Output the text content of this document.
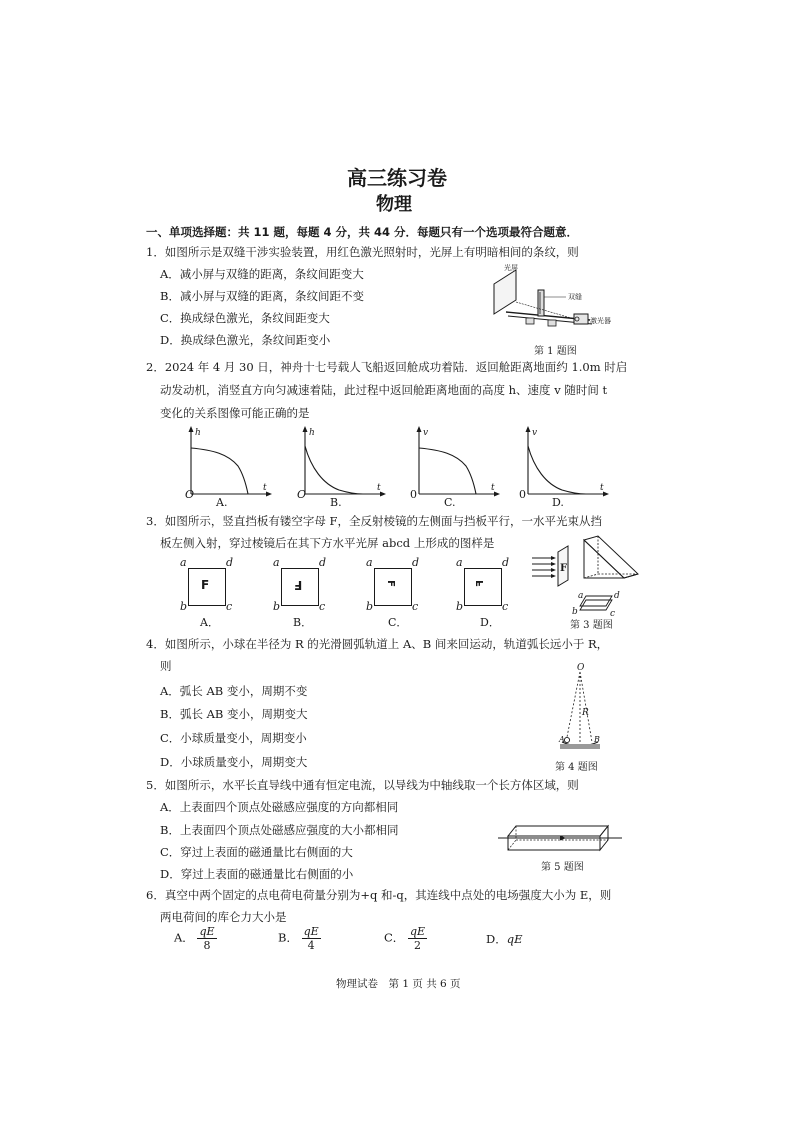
高三练习卷
物理
一、单项选择题：共 11 题，每题 4 分，共 44 分．每题只有一个选项最符合题意．
1．如图所示是双缝干涉实验装置，用红色激光照射时，光屏上有明暗相间的条纹，则
A．减小屏与双缝的距离，条纹间距变大
B．减小屏与双缝的距离，条纹间距不变
C．换成绿色激光，条纹间距变大
D．换成绿色激光，条纹间距变小
光屏
双缝
激光器
第 1 题图
2．2024 年 4 月 30 日，神舟十七号载人飞船返回舱成功着陆．返回舱距离地面约 1.0m 时启
动发动机，消竖直方向匀减速着陆，此过程中返回舱距离地面的高度 h、速度 v 随时间 t
变化的关系图像可能正确的是
h
t
O
A.
h
t
O
B.
v
t
0
C.
v
t
0
D.
3．如图所示，竖直挡板有镂空字母 F，全反射棱镜的左侧面与挡板平行，一水平光束从挡
板左侧入射，穿过棱镜后在其下方水平光屏 abcd 上形成的图样是
a	d
F
b	c
A．
a	d
F
b	c
B．
a	d
F
b	c
C．
a	d
F
b	c
D．
F
a	d
b	c
第 3 题图
4．如图所示，小球在半径为 R 的光滑圆弧轨道上 A、B 间来回运动，轨道弧长远小于 R，
则
A．弧长 AB 变小，周期不变
B．弧长 AB 变小，周期变大
C．小球质量变小，周期变小
D．小球质量变小，周期变大
O
R
A	B
第 4 题图
5．如图所示，水平长直导线中通有恒定电流，以导线为中轴线取一个长方体区域，则
A．上表面四个顶点处磁感应强度的方向都相同
B．上表面四个顶点处磁感应强度的大小都相同
C．穿过上表面的磁通量比右侧面的大
D．穿过上表面的磁通量比右侧面的小	第 5 题图
6．真空中两个固定的点电荷电荷量分别为+q 和-q，其连线中点处的电场强度大小为 E，则
两电荷间的库仑力大小是
A． $\frac{qE}{8}$	B． $\frac{qE}{4}$	C． $\frac{qE}{2}$	D．qE
物理试卷　第 1 页 共 6 页
